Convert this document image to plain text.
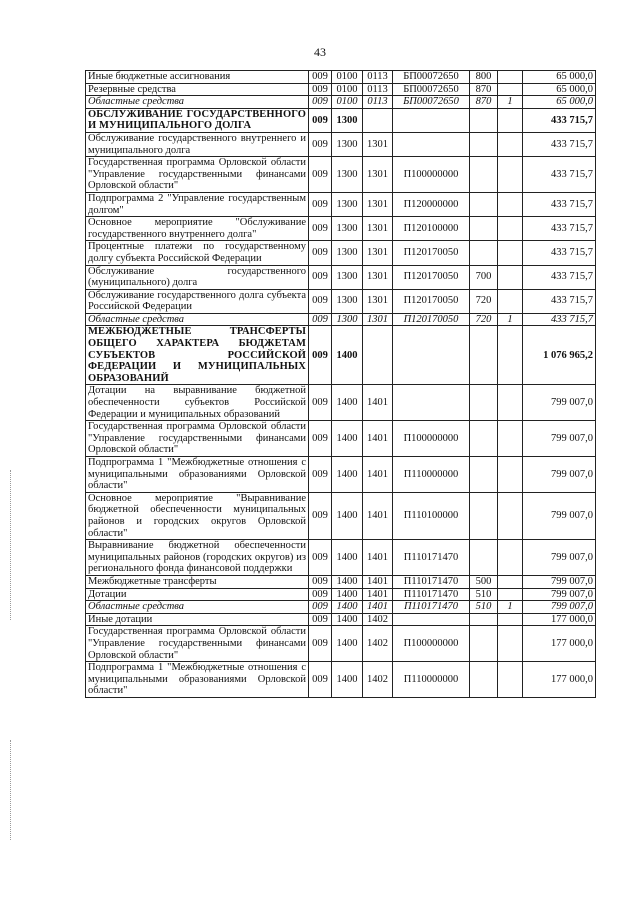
43
Иные бюджетные ассигнования	009	0100	0113	БП00072650	800		65 000,0
Резервные средства	009	0100	0113	БП00072650	870		65 000,0
Областные средства	009	0100	0113	БП00072650	870	1	65 000,0
ОБСЛУЖИВАНИЕ ГОСУДАРСТВЕННОГО И МУНИЦИПАЛЬНОГО ДОЛГА	009	1300					433 715,7
Обслуживание государственного внутреннего и муниципального долга	009	1300	1301				433 715,7
Государственная программа Орловской области "Управление государственными финансами Орловской области"	009	1300	1301	П100000000			433 715,7
Подпрограмма 2 "Управление государственным долгом"	009	1300	1301	П120000000			433 715,7
Основное мероприятие "Обслуживание государственного внутреннего долга"	009	1300	1301	П120100000			433 715,7
Процентные платежи по государственному долгу субъекта Российской Федерации	009	1300	1301	П120170050			433 715,7
Обслуживание государственного (муниципального) долга	009	1300	1301	П120170050	700		433 715,7
Обслуживание государственного долга субъекта Российской Федерации	009	1300	1301	П120170050	720		433 715,7
Областные средства	009	1300	1301	П120170050	720	1	433 715,7
МЕЖБЮДЖЕТНЫЕ ТРАНСФЕРТЫ ОБЩЕГО ХАРАКТЕРА БЮДЖЕТАМ СУБЪЕКТОВ РОССИЙСКОЙ ФЕДЕРАЦИИ И МУНИЦИПАЛЬНЫХ ОБРАЗОВАНИЙ	009	1400					1 076 965,2
Дотации на выравнивание бюджетной обеспеченности субъектов Российской Федерации и муниципальных образований	009	1400	1401				799 007,0
Государственная программа Орловской области "Управление государственными финансами Орловской области"	009	1400	1401	П100000000			799 007,0
Подпрограмма 1 "Межбюджетные отношения с муниципальными образованиями Орловской области"	009	1400	1401	П110000000			799 007,0
Основное мероприятие "Выравнивание бюджетной обеспеченности муниципальных районов и городских округов Орловской области"	009	1400	1401	П110100000			799 007,0
Выравнивание бюджетной обеспеченности муниципальных районов (городских округов) из регионального фонда финансовой поддержки	009	1400	1401	П110171470			799 007,0
Межбюджетные трансферты	009	1400	1401	П110171470	500		799 007,0
Дотации	009	1400	1401	П110171470	510		799 007,0
Областные средства	009	1400	1401	П110171470	510	1	799 007,0
Иные дотации	009	1400	1402				177 000,0
Государственная программа Орловской области "Управление государственными финансами Орловской области"	009	1400	1402	П100000000			177 000,0
Подпрограмма 1 "Межбюджетные отношения с муниципальными образованиями Орловской области"	009	1400	1402	П110000000			177 000,0
